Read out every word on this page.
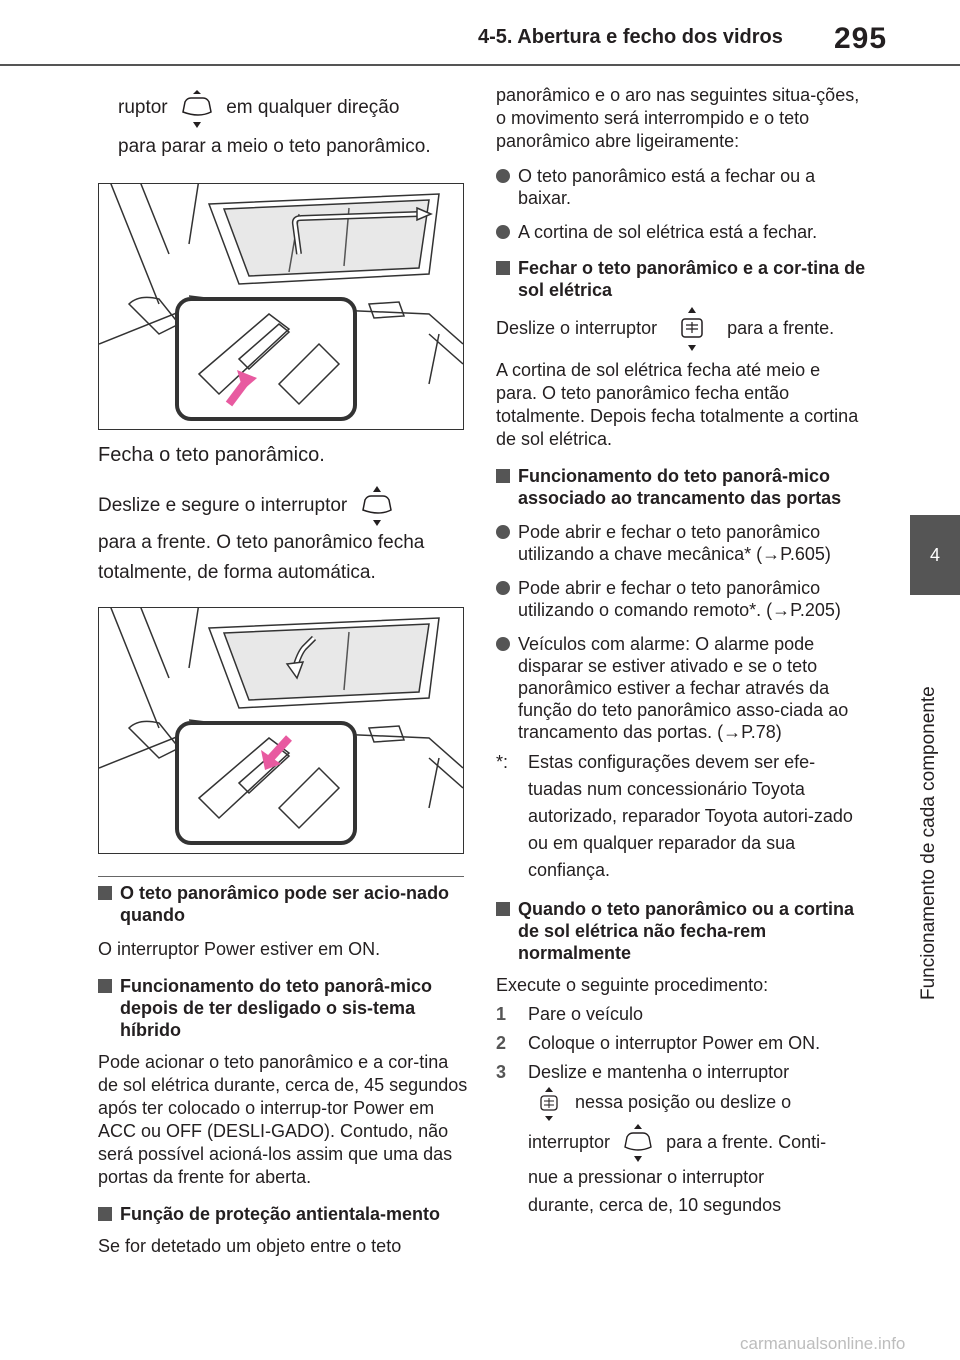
4-5. Abertura e fecho dos vidros 295
4
Funcionamento de cada componente

ruptor	em qualquer direção

para parar a meio o teto panorâmico.

Fecha o teto panorâmico.

Deslize e segure o interruptor

para a frente. O teto panorâmico fecha

totalmente, de forma automática.

O teto panorâmico pode ser acio-nado quando

O interruptor Power estiver em ON.

Funcionamento do teto panorâ-mico depois de ter desligado o sis-tema híbrido

Pode acionar o teto panorâmico e a cor-tina de sol elétrica durante, cerca de, 45 segundos após ter colocado o interrup-tor Power em ACC ou OFF (DESLI-GADO). Contudo, não será possível acioná-los assim que uma das portas da frente for aberta.

Função de proteção antientala-mento

Se for detetado um objeto entre o teto

panorâmico e o aro nas seguintes situa-ções, o movimento será interrompido e o teto panorâmico abre ligeiramente:

O teto panorâmico está a fechar ou a baixar.

A cortina de sol elétrica está a fechar.

Fechar o teto panorâmico e a cor-tina de sol elétrica

Deslize o interruptor	para a frente.

A cortina de sol elétrica fecha até meio e para. O teto panorâmico fecha então totalmente. Depois fecha totalmente a cortina de sol elétrica.

Funcionamento do teto panorâ-mico associado ao trancamento das portas

Pode abrir e fechar o teto panorâmico utilizando a chave mecânica* (→P.605)

Pode abrir e fechar o teto panorâmico utilizando o comando remoto*. (→P.205)

Veículos com alarme: O alarme pode disparar se estiver ativado e se o teto panorâmico estiver a fechar através da função do teto panorâmico asso-ciada ao trancamento das portas. (→P.78)

*: Estas configurações devem ser efe-tuadas num concessionário Toyota autorizado, reparador Toyota autori-zado ou em qualquer reparador da sua confiança.

Quando o teto panorâmico ou a cortina de sol elétrica não fecha-rem normalmente

Execute o seguinte procedimento:

1 Pare o veículo

2 Coloque o interruptor Power em ON.

3 Deslize e mantenha o interruptor

nessa posição ou deslize o

interruptor	para a frente. Conti-

nue a pressionar o interruptor

durante, cerca de, 10 segundos

carmanualsonline.info
